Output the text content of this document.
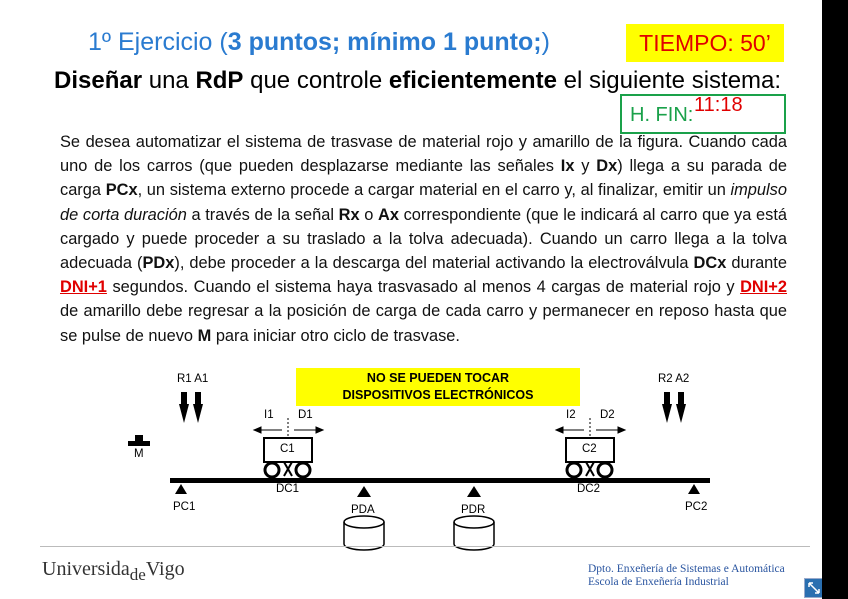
1º Ejercicio (3 puntos; mínimo 1 punto;)	TIEMPO: 50’
Diseñar una RdP que controle eficientemente el siguiente sistema:
H. FIN: 11:18
Se desea automatizar el sistema de trasvase de material rojo y amarillo de la figura. Cuando cada uno de los carros (que pueden desplazarse mediante las señales Ix y Dx) llega a su parada de carga PCx, un sistema externo procede a cargar material en el carro y, al finalizar, emitir un impulso de corta duración a través de la señal Rx o Ax correspondiente (que le indicará al carro que ya está cargado y puede proceder a su traslado a la tolva adecuada). Cuando un carro llega a la tolva adecuada (PDx), debe proceder a la descarga del material activando la electroválvula DCx durante DNI+1 segundos. Cuando el sistema haya trasvasado al menos 4 cargas de material rojo y DNI+2 de amarillo debe regresar a la posición de carga de cada carro y permanecer en reposo hasta que se pulse de nuevo M para iniciar otro ciclo de trasvase.
NO SE PUEDEN TOCAR
DISPOSITIVOS ELECTRÓNICOS
R1 A1	R2 A2
M
I1 D1	I2 D2
C1	C2
DC1	DC2
PC1	PDA	PDR	PC2
Universida$_{de}$Vigo	Dpto. Enxeñería de Sistemas e Automática
Escola de Enxeñería Industrial
